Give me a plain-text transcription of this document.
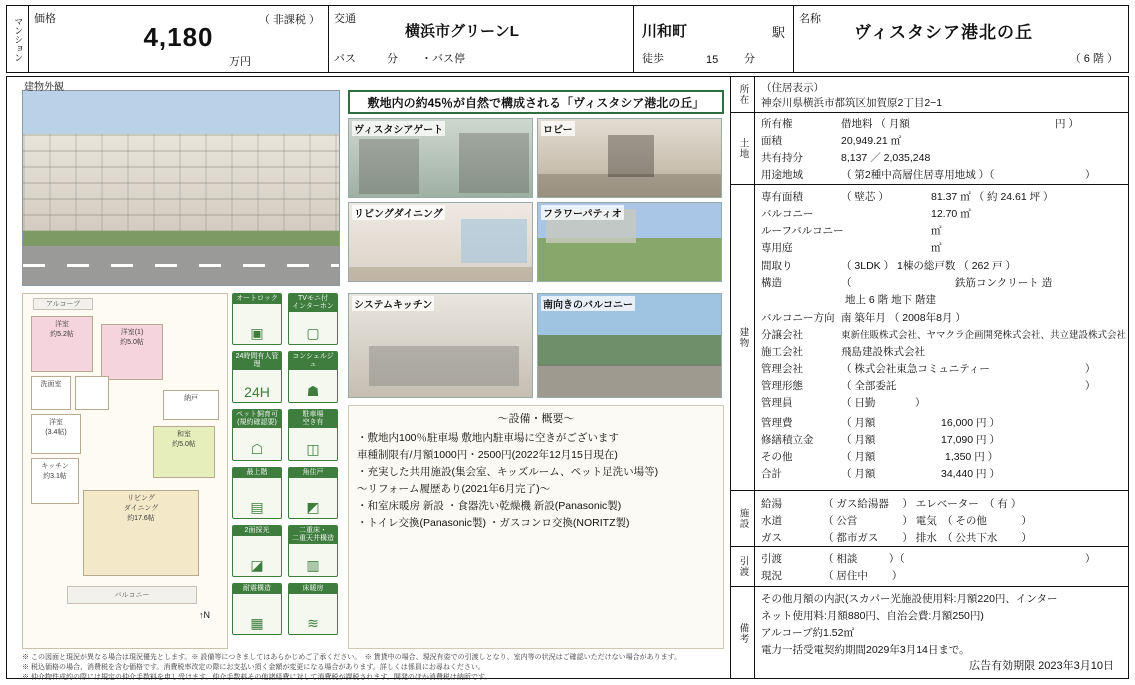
マンション 価格	（ 非課税 ）
4,180
万円
交通
横浜市グリーンL
バス	分 ・バス停
川和町	駅
徒歩	15 分
名称
ヴィスタシア港北の丘
（ 6 階 ）
建物外観
敷地内の約45％が自然で構成される「ヴィスタシア港北の丘」
ヴィスタシアゲート	ロビー
リビングダイニング	フラワーパティオ
アルコーブ
洋室
約5.2帖	洋室(1)
約5.0帖
洗面室
洋室
(3.4帖)
納戸
和室
約5.0帖
キッチン
約3.1帖
リビング
ダイニング
約17.6帖
バルコニー
↑N
オートロック
▣
TVモニ付
インターホン
▢
24時間有人管理
24H
コンシェルジュ
☗
ペット飼育可
(規約確認要)
☖
駐車場
空き有
◫
最上階
▤
角住戸
◩
2面採光
◪
二重床・
二重天井構造
▥
耐震構造
▦
床暖房
≋
システムキッチン	南向きのバルコニー
〜設備・概要〜
・敷地内100％駐車場 敷地内駐車場に空きがございます
車種制限有/月額1000円・2500円(2022年12月15日現在)
・充実した共用施設(集会室、キッズルーム、ペット足洗い場等)
〜リフォーム履歴あり(2021年6月完了)〜
・和室床暖房 新設 ・食器洗い乾燥機 新設(Panasonic製)
・トイレ交換(Panasonic製) ・ガスコンロ交換(NORITZ製)
※ この図面と現況が異なる場合は現況優先とします。※ 設備等につきましてはあらかじめご了承ください。　※ 賃貸中の場合、現況有姿での引渡しとなり、室内等の状況はご確認いただけない場合があります。
※ 税込価格の場合、消費税を含む価格です。消費税率改定の際にお支払い頂く金額が変更になる場合があります。詳しくは係員にお尋ねください。
※ 仲介物件成約の際には規定の仲介手数料を申し受けます。仲介手数料その他諸経費に対して消費税が課税されます。開発のほか消費税は納所です。
所在 （住居表示）
神奈川県横浜市都筑区加賀原2丁目2−1
土地
所有権	借地料 （ 月額	円 ）
面積	20,949.21 ㎡
共有持分	8,137 ／ 2,035,248
用途地域	（ 第2種中高層住居専用地域 ）（	）
建物
専有面積	（ 壁芯 ）	81.37 ㎡ （ 約 24.61 坪 ）
バルコニー	12.70 ㎡
ルーフバルコニー	㎡
専用庭	㎡
間取り	（ 3LDK ） 1棟の総戸数 （ 262 戸 ）
構造	（	鉄筋コンクリート 造
地上 6 階 地下 階建
バルコニー方向 南 築年月 （ 2008年8月 ）
分譲会社	東新住販株式会社、ヤマクラ企画開発株式会社、共立建設株式会社
施工会社	飛島建設株式会社
管理会社	（ 株式会社東急コミュニティー	）
管理形態	（ 全部委託	）
管理員	（ 日勤	）
管理費	（ 月額	16,000 円 ）
修繕積立金	（ 月額	17,090 円 ）
その他	（ 月額	1,350 円 ）
合計	（ 月額	34,440 円 ）
施設
給湯	（ ガス給湯器　 ） エレベーター　（ 有 ）
水道	（ 公営　　　　 ） 電気　（ その他　　　 ）
ガス	（ 都市ガス　　 ） 排水　（ 公共下水　　 ）
引渡 引渡	（ 相談　　　）（	）
現況	（ 居住中　　 ）
備考
その他月額の内訳(スカパー光施設使用料:月額220円、インター
ネット使用料:月額880円、自治会費:月額250円)
アルコーブ約1.52㎡
電力一括受電契約期間2029年3月14日まで。
広告有効期限 2023年3月10日
